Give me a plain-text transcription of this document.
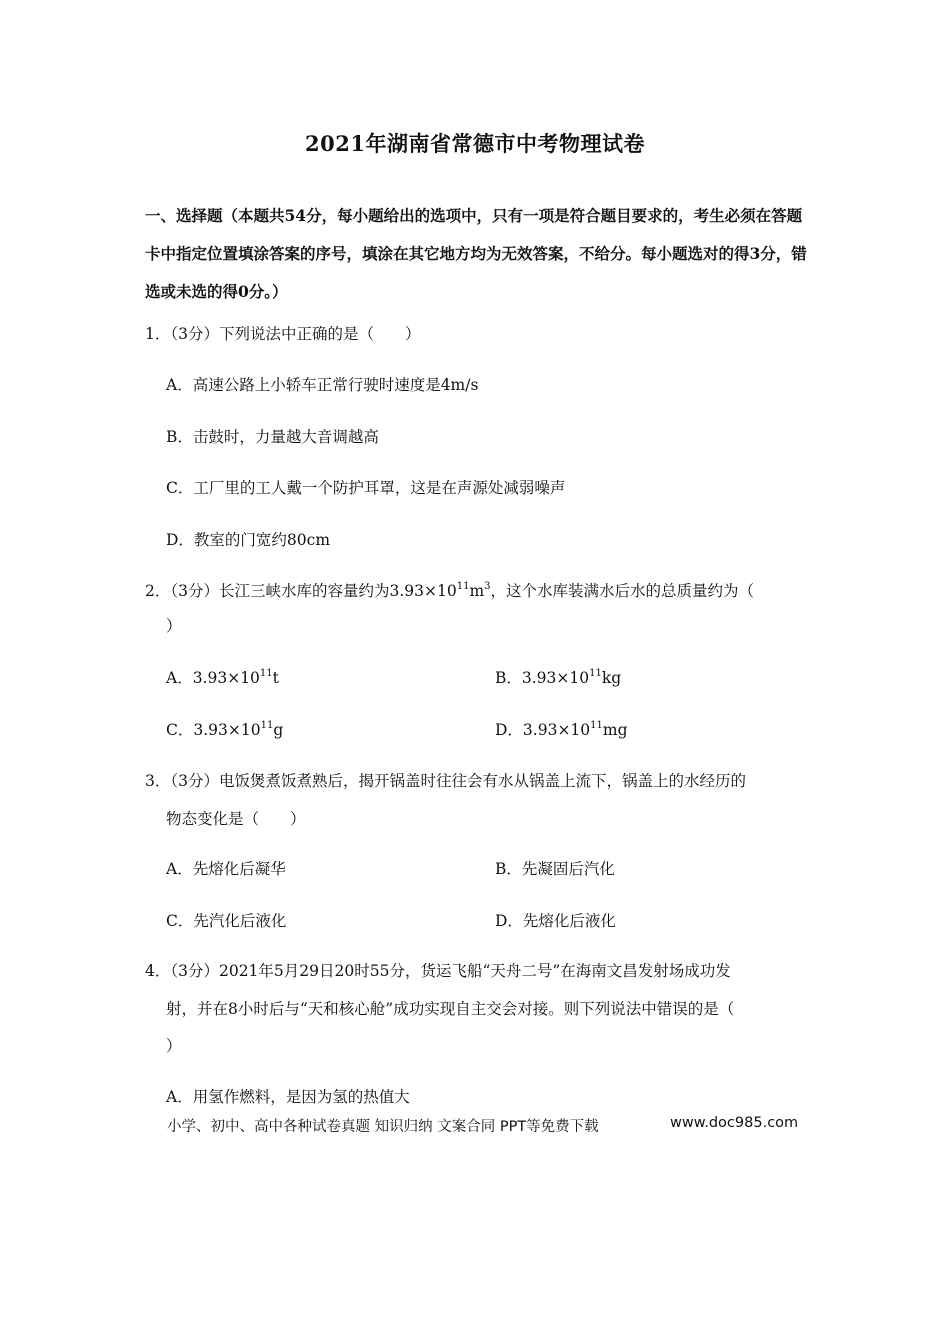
2021年湖南省常德市中考物理试卷
一、选择题（本题共54分，每小题给出的选项中，只有一项是符合题目要求的，考生必须在答题卡中指定位置填涂答案的序号，填涂在其它地方均为无效答案，不给分。每小题选对的得3分，错选或未选的得0分。）
1．（3分）下列说法中正确的是（　　）
A．高速公路上小轿车正常行驶时速度是4m/s
B．击鼓时，力量越大音调越高
C．工厂里的工人戴一个防护耳罩，这是在声源处减弱噪声
D．教室的门宽约80cm
2．（3分）长江三峡水库的容量约为$3.93\times 10^{11}m^3$，这个水库装满水后水的总质量约为（
）
A．$3.93\times 10^{11}t$	B．$3.93\times 10^{11}kg$
C．$3.93\times 10^{11}g$	D．$3.93\times 10^{11}mg$
3．（3分）电饭煲煮饭煮熟后，揭开锅盖时往往会有水从锅盖上流下，锅盖上的水经历的
物态变化是（　　）
A．先熔化后凝华	B．先凝固后汽化
C．先汽化后液化	D．先熔化后液化
4．（3分）2021年5月29日20时55分，货运飞船“天舟二号”在海南文昌发射场成功发
射，并在8小时后与“天和核心舱”成功实现自主交会对接。则下列说法中错误的是（
）
A．用氢作燃料，是因为氢的热值大
小学、初中、高中各种试卷真题 知识归纳 文案合同 PPT等免费下载	www.doc985.com
